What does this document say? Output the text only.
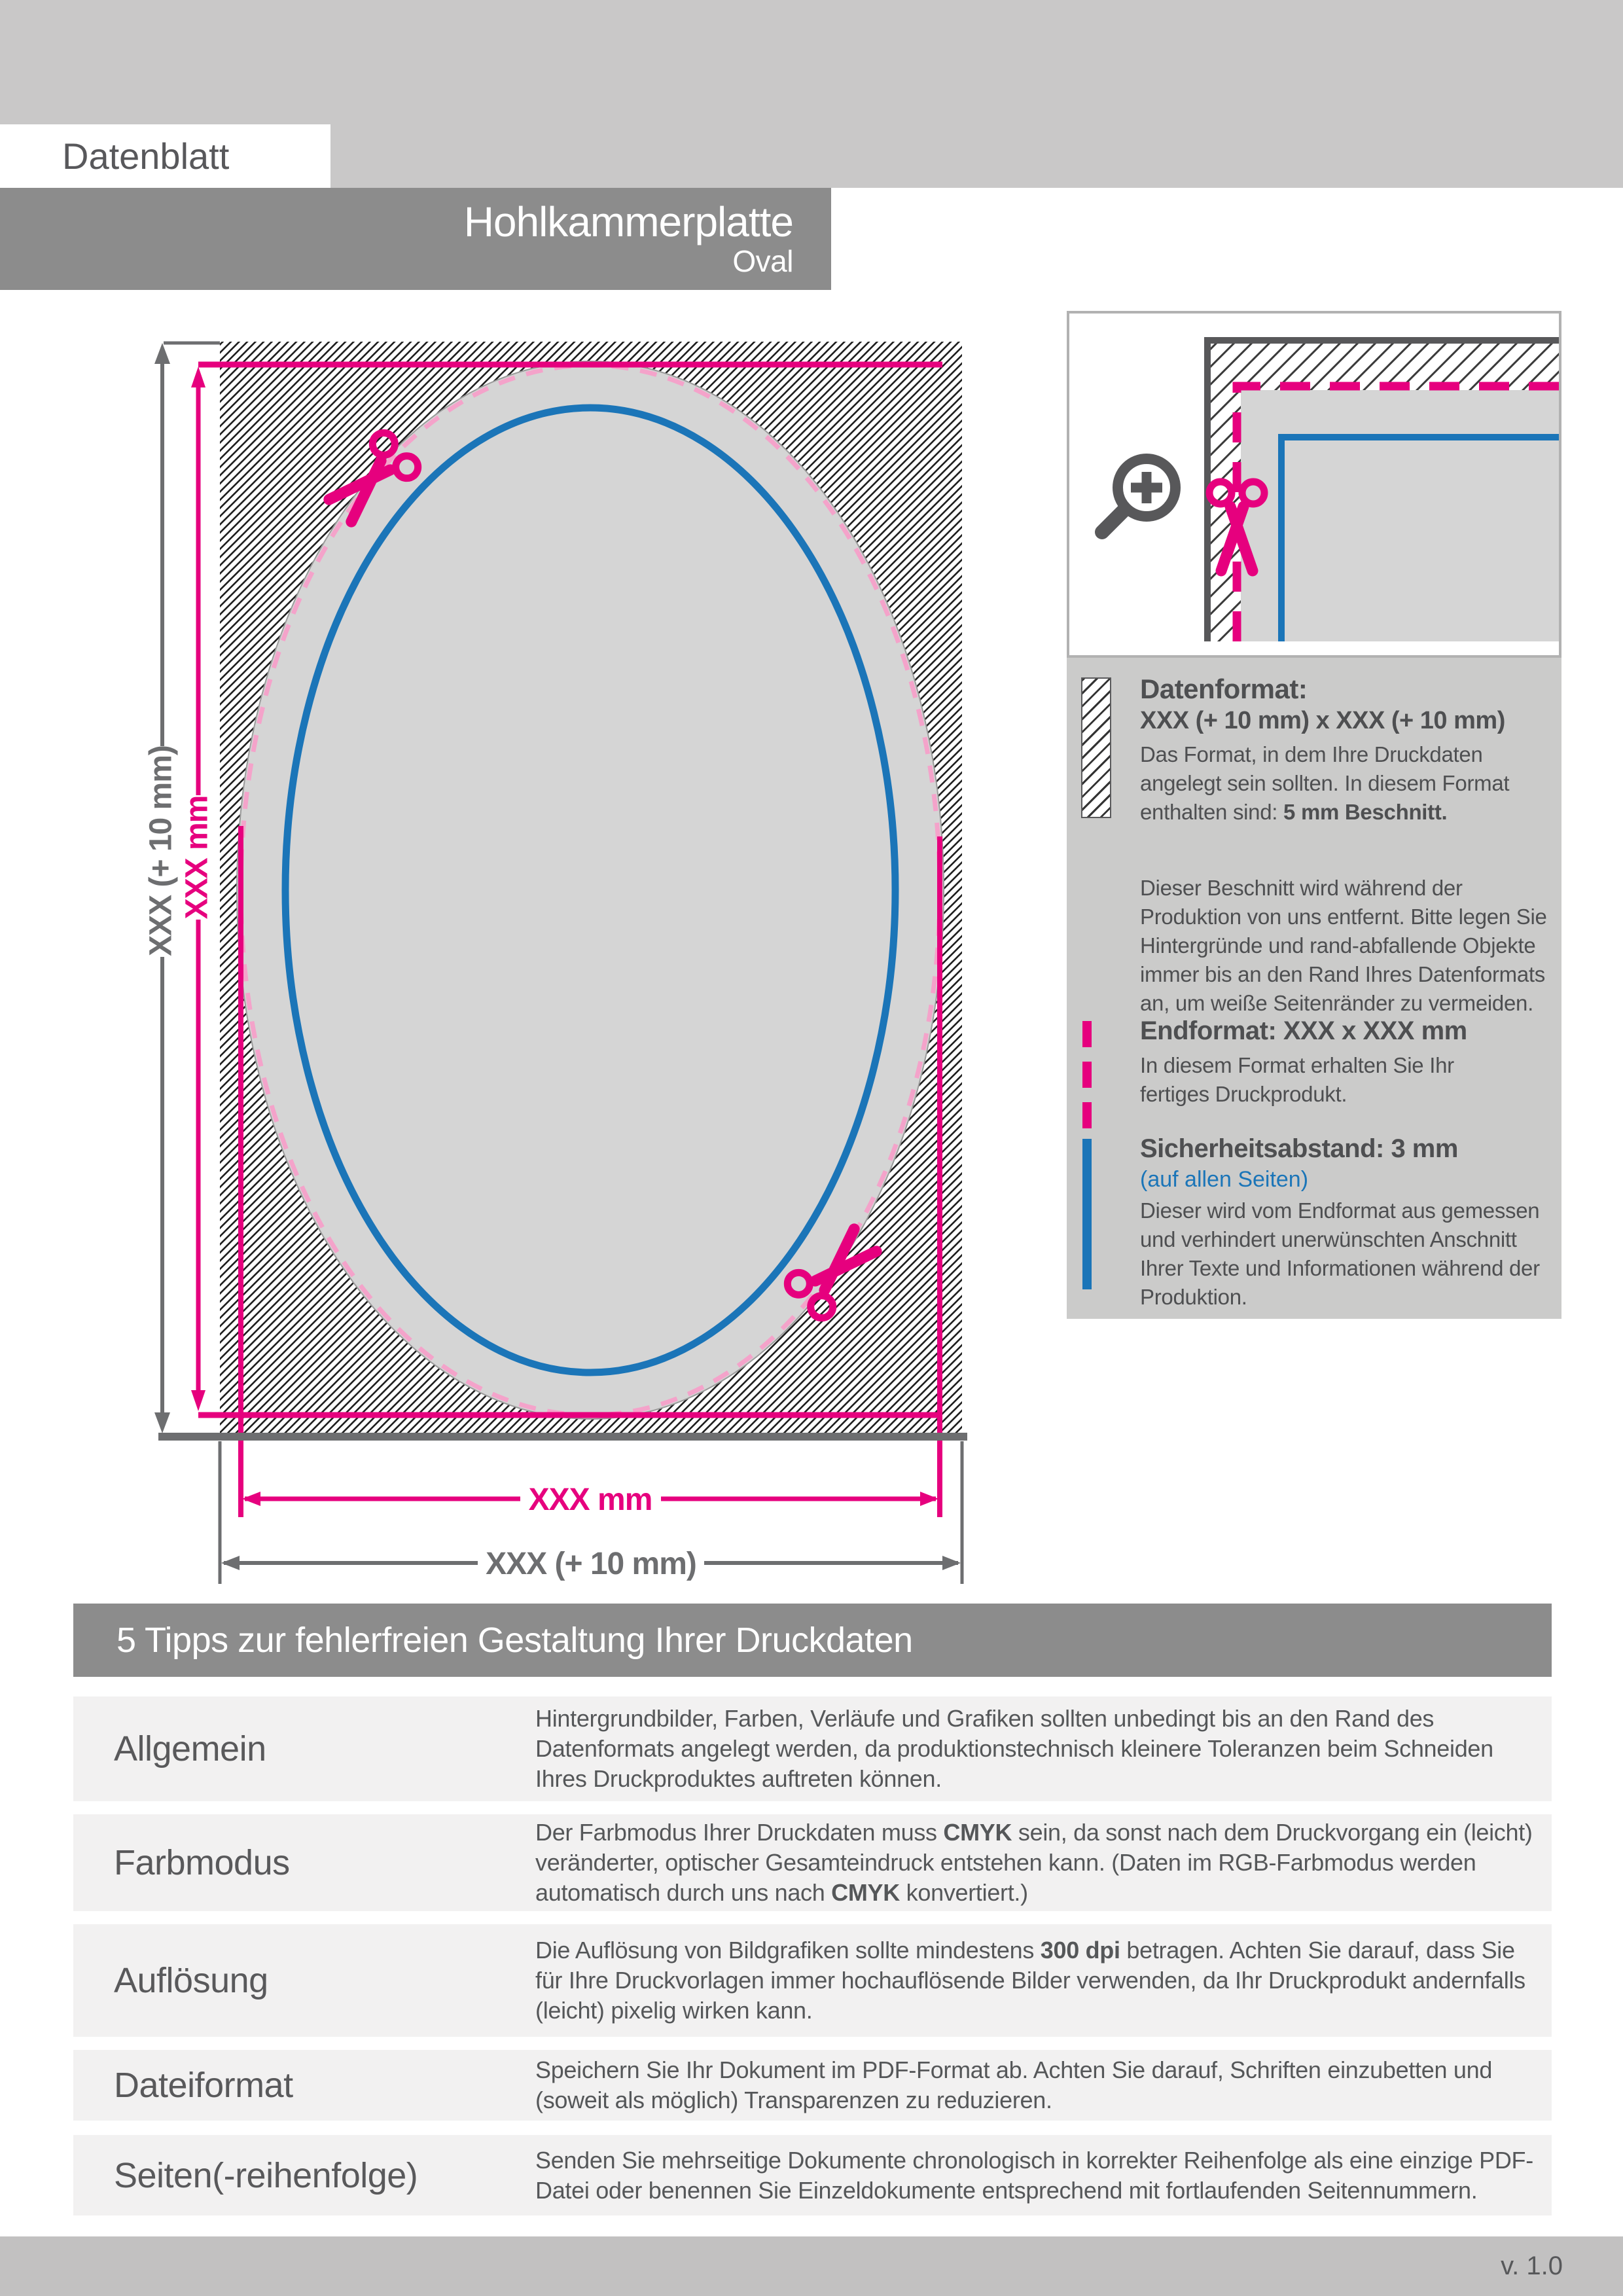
Datenblatt
Hohlkammerplatte
Oval
XXX (+ 10 mm) XXX mm
XXX mm
XXX (+ 10 mm)
Datenformat:
XXX (+ 10 mm) x XXX (+ 10 mm)

Das Format, in dem Ihre Druckdaten angelegt sein sollten. In diesem Format enthalten sind: 5 mm Beschnitt.

Dieser Beschnitt wird während der Produktion von uns entfernt. Bitte legen Sie Hintergründe und rand-abfallende Objekte immer bis an den Rand Ihres Datenformats an, um weiße Seitenränder zu vermeiden.

Endformat: XXX x XXX mm

In diesem Format erhalten Sie Ihr fertiges Druckprodukt.

Sicherheitsabstand: 3 mm
(auf allen Seiten)

Dieser wird vom Endformat aus gemessen und verhindert unerwünschten Anschnitt Ihrer Texte und Informationen während der Produktion.

5 Tipps zur fehlerfreien Gestaltung Ihrer Druckdaten
Allgemein
Hintergrundbilder, Farben, Verläufe und Grafiken sollten unbedingt bis an den Rand des Datenformats angelegt werden, da produktionstechnisch kleinere Toleranzen beim Schneiden Ihres Druckproduktes auftreten können.
Farbmodus
Der Farbmodus Ihrer Druckdaten muss CMYK sein, da sonst nach dem Druckvorgang ein (leicht) veränderter, optischer Gesamteindruck entstehen kann. (Daten im RGB-Farbmodus werden automatisch durch uns nach CMYK konvertiert.)
Auflösung
Die Auflösung von Bildgrafiken sollte mindestens 300 dpi betragen. Achten Sie darauf, dass Sie für Ihre Druckvorlagen immer hochauflösende Bilder verwenden, da Ihr Druckprodukt andernfalls (leicht) pixelig wirken kann.
Dateiformat	Speichern Sie Ihr Dokument im PDF-Format ab. Achten Sie darauf, Schriften einzubetten und (soweit als möglich) Transparenzen zu reduzieren.
Seiten(-reihenfolge)	Senden Sie mehrseitige Dokumente chronologisch in korrekter Reihenfolge als eine einzige PDF-Datei oder benennen Sie Einzeldokumente entsprechend mit fortlaufenden Seitennummern.
v. 1.0
